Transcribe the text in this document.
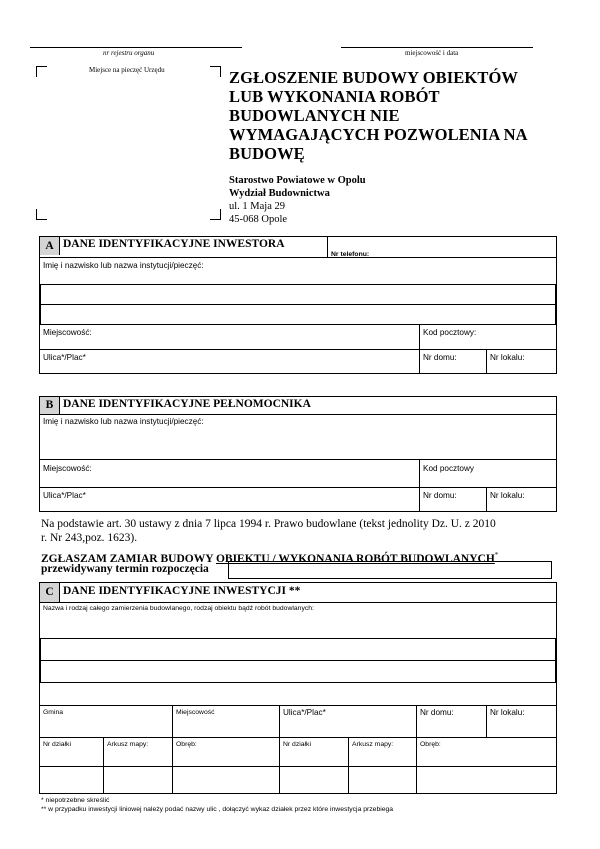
nr rejestru organu	miejscowość i data
Miejsce na pieczęć Urzędu	ZGŁOSZENIE BUDOWY OBIEKTÓW
LUB WYKONANIA ROBÓT
BUDOWLANYCH NIE
WYMAGAJĄCYCH POZWOLENIA NA
BUDOWĘ
Starostwo Powiatowe w Opolu
Wydział Budownictwa
ul. 1 Maja 29
45-068 Opole
A DANE IDENTYFIKACYJNE INWESTORA
Nr telefonu:
Imię i nazwisko lub nazwa instytucji/pieczęć:
Miejscowość:	Kod pocztowy:
Ulica*/Plac*	Nr domu:	Nr lokalu:
B DANE IDENTYFIKACYJNE PEŁNOMOCNIKA
Imię i nazwisko lub nazwa instytucji/pieczęć:
Miejscowość:	Kod pocztowy
Ulica*/Plac*	Nr domu:	Nr lokalu:
Na podstawie art. 30 ustawy z dnia 7 lipca 1994 r. Prawo budowlane (tekst jednolity Dz. U. z 2010
r. Nr 243,poz. 1623).
ZGŁASZAM ZAMIAR BUDOWY OBIEKTU / WYKONANIA ROBÓT BUDOWLANYCH*
przewidywany termin rozpoczęcia
C DANE IDENTYFIKACYJNE INWESTYCJI **
Nazwa i rodzaj całego zamierzenia budowlanego, rodzaj obiektu bądź robót budowlanych:
Gmina	Miejscowość	Ulica*/Plac*	Nr domu:	Nr lokalu:
Nr działki	Arkusz mapy:	Obręb:	Nr działki	Arkusz mapy:	Obręb:
* niepotrzebne skreślić
** w przypadku inwestycji liniowej należy podać nazwy ulic , dołączyć wykaz działek przez które inwestycja przebiega
